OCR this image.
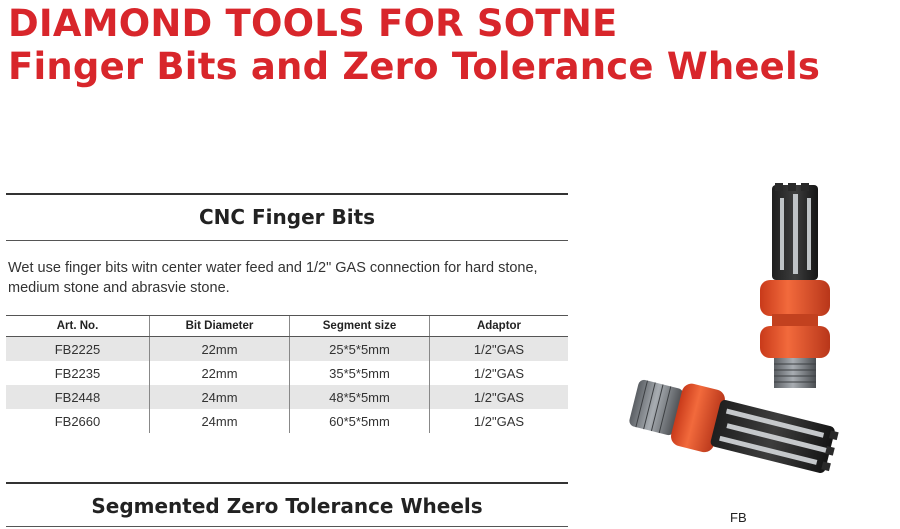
DIAMOND TOOLS FOR SOTNE
Finger Bits and Zero Tolerance Wheels
CNC Finger Bits
Wet use finger bits witn center water feed and 1/2" GAS connection for hard stone, medium stone and abrasvie stone.
Art. No.	Bit Diameter	Segment size	Adaptor
FB2225	22mm	25*5*5mm	1/2"GAS
FB2235	22mm	35*5*5mm	1/2"GAS
FB2448	24mm	48*5*5mm	1/2"GAS
FB2660	24mm	60*5*5mm	1/2"GAS
Segmented Zero Tolerance Wheels	FB
